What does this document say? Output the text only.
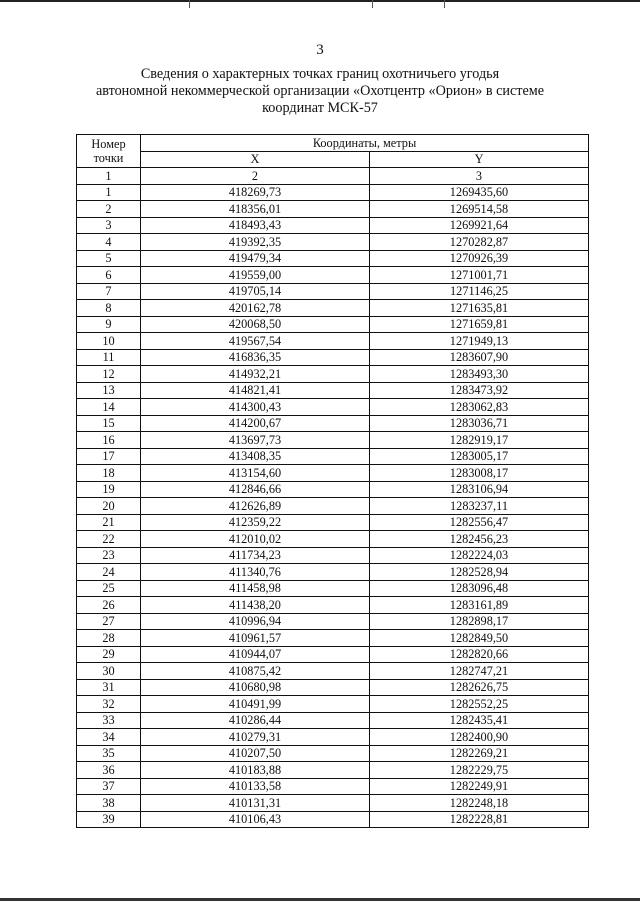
3
Сведения о характерных точках границ охотничьего угодья
автономной некоммерческой организации «Охотцентр «Орион» в системе
координат МСК-57
Номер точки	Координаты, метры	
	X	Y
1	2	3
1	418269,73	1269435,60
2	418356,01	1269514,58
3	418493,43	1269921,64
4	419392,35	1270282,87
5	419479,34	1270926,39
6	419559,00	1271001,71
7	419705,14	1271146,25
8	420162,78	1271635,81
9	420068,50	1271659,81
10	419567,54	1271949,13
11	416836,35	1283607,90
12	414932,21	1283493,30
13	414821,41	1283473,92
14	414300,43	1283062,83
15	414200,67	1283036,71
16	413697,73	1282919,17
17	413408,35	1283005,17
18	413154,60	1283008,17
19	412846,66	1283106,94
20	412626,89	1283237,11
21	412359,22	1282556,47
22	412010,02	1282456,23
23	411734,23	1282224,03
24	411340,76	1282528,94
25	411458,98	1283096,48
26	411438,20	1283161,89
27	410996,94	1282898,17
28	410961,57	1282849,50
29	410944,07	1282820,66
30	410875,42	1282747,21
31	410680,98	1282626,75
32	410491,99	1282552,25
33	410286,44	1282435,41
34	410279,31	1282400,90
35	410207,50	1282269,21
36	410183,88	1282229,75
37	410133,58	1282249,91
38	410131,31	1282248,18
39	410106,43	1282228,81
